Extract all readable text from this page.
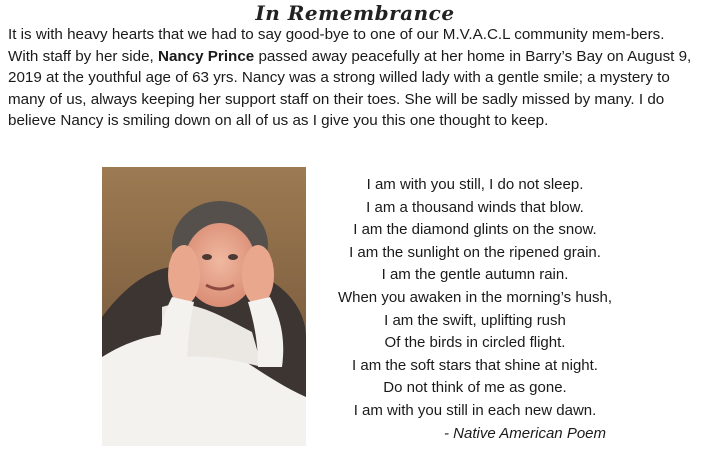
In Remembrance

It is with heavy hearts that we had to say good-bye to one of our M.V.A.C.L community mem-bers. With staff by her side, Nancy Prince passed away peacefully at her home in Barry’s Bay on August 9, 2019 at the youthful age of 63 yrs. Nancy was a strong willed lady with a gentle smile; a mystery to many of us, always keeping her support staff on their toes. She will be sadly missed by many. I do believe Nancy is smiling down on all of us as I give you this one thought to keep.

I am with you still, I do not sleep.
I am a thousand winds that blow.
I am the diamond glints on the snow.
I am the sunlight on the ripened grain.
I am the gentle autumn rain.
When you awaken in the morning’s hush,
I am the swift, uplifting rush
Of the birds in circled flight.
I am the soft stars that shine at night.
Do not think of me as gone.
I am with you still in each new dawn.
- Native American Poem
